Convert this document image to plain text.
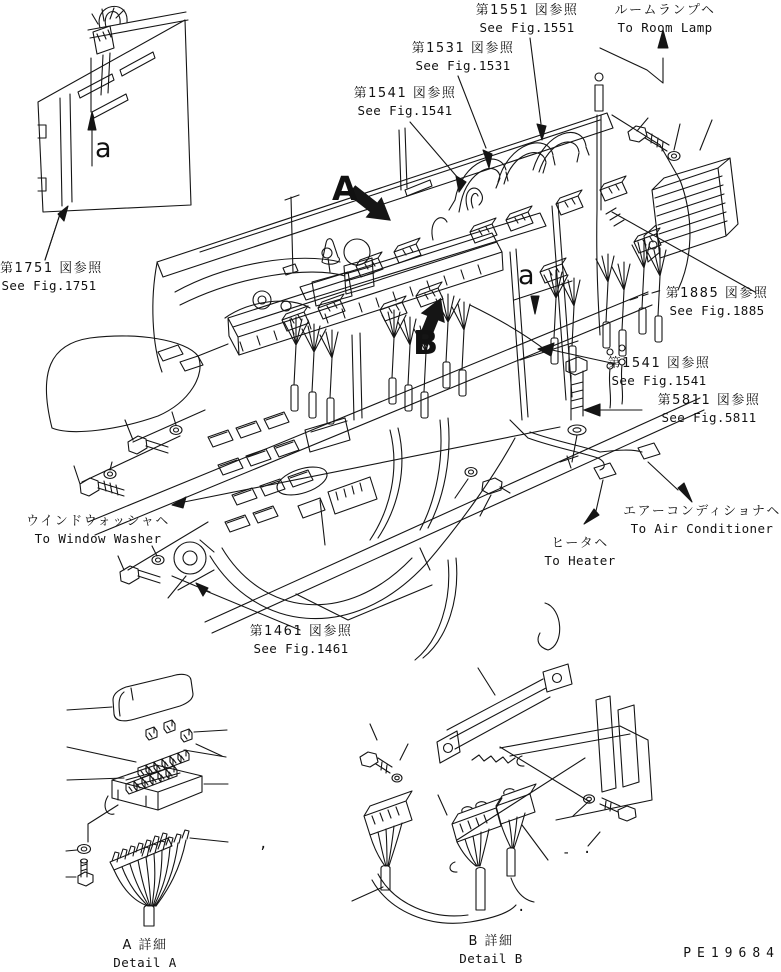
第1551 図参照
See Fig.1551
ルームランプヘ
To Room Lamp
第1531 図参照
See Fig.1531
第1541 図参照
See Fig.1541
第1751 図参照
See Fig.1751
第1885 図参照
See Fig.1885
第1541 図参照
See Fig.1541
第5811 図参照
See Fig.5811
ウインドウォッシャヘ
To Window Washer	ヒータヘ
To Heater
エアーコンディショナヘ
To Air Conditioner
第1461 図参照
See Fig.1461
A 詳細
Detail A
B 詳細
Detail B
A
B
a
a
,
- ·
·
PE19684
